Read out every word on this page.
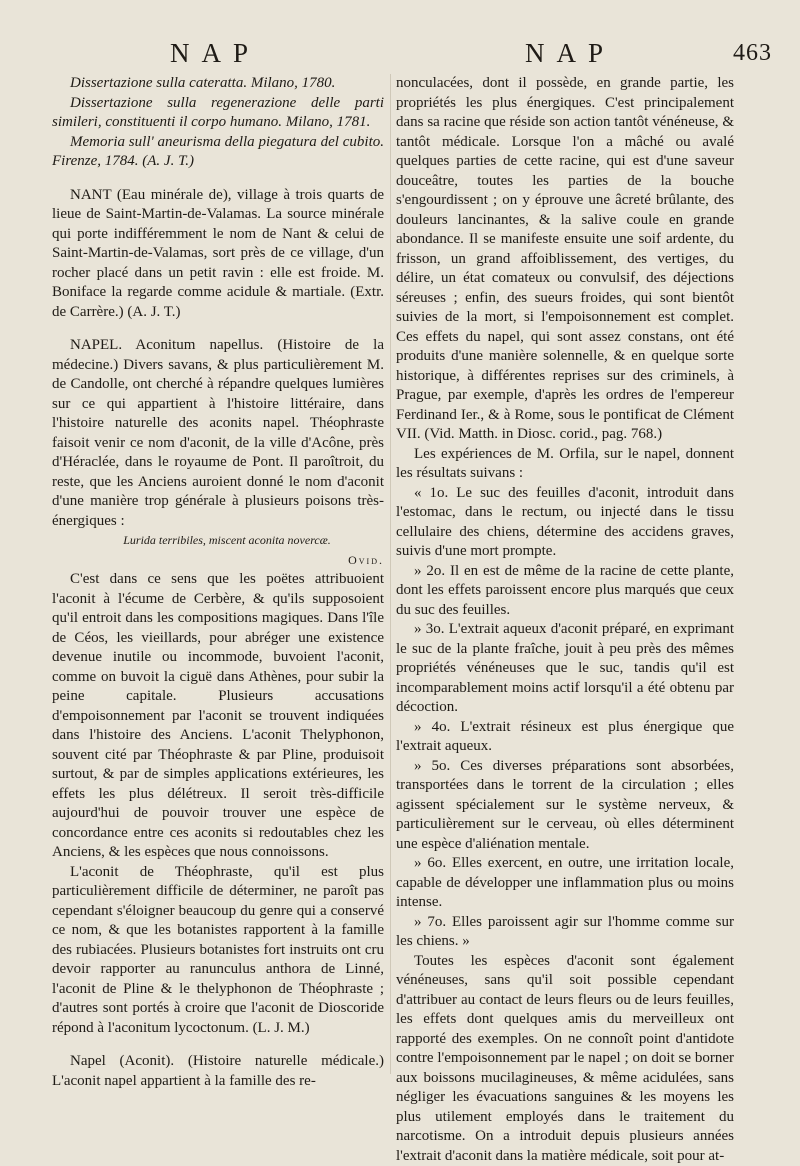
NAP	NAP	463

Dissertazione sulla cateratta. Milano, 1780.

Dissertazione sulla regenerazione delle parti simileri, constituenti il corpo humano. Milano, 1781.

Memoria sull' aneurisma della piegatura del cubito. Firenze, 1784. (A. J. T.)

NANT (Eau minérale de), village à trois quarts de lieue de Saint-Martin-de-Valamas. La source minérale qui porte indifféremment le nom de Nant & celui de Saint-Martin-de-Valamas, sort près de ce village, d'un rocher placé dans un petit ravin : elle est froide. M. Boniface la regarde comme acidule & martiale. (Extr. de Carrère.) (A. J. T.)

NAPEL. Aconitum napellus. (Histoire de la médecine.) Divers savans, & plus particulièrement M. de Candolle, ont cherché à répandre quelques lumières sur ce qui appartient à l'histoire littéraire, dans l'histoire naturelle des aconits napel. Théophraste faisoit venir ce nom d'aconit, de la ville d'Acône, près d'Héraclée, dans le royaume de Pont. Il paroîtroit, du reste, que les Anciens auroient donné le nom d'aconit d'une manière trop générale à plusieurs poisons très-énergiques :

Lurida terribiles, miscent aconita novercæ.

Ovid.

C'est dans ce sens que les poëtes attribuoient l'aconit à l'écume de Cerbère, & qu'ils supposoient qu'il entroit dans les compositions magiques. Dans l'île de Céos, les vieillards, pour abréger une existence devenue inutile ou incommode, buvoient l'aconit, comme on buvoit la ciguë dans Athènes, pour subir la peine capitale. Plusieurs accusations d'empoisonnement par l'aconit se trouvent indiquées dans l'histoire des Anciens. L'aconit Thelyphonon, souvent cité par Théophraste & par Pline, produisoit surtout, & par de simples applications extérieures, les effets les plus délétreux. Il seroit très-difficile aujourd'hui de pouvoir trouver une espèce de concordance entre ces aconits si redoutables chez les Anciens, & les espèces que nous connoissons.

L'aconit de Théophraste, qu'il est plus particulièrement difficile de déterminer, ne paroît pas cependant s'éloigner beaucoup du genre qui a conservé ce nom, & que les botanistes rapportent à la famille des rubiacées. Plusieurs botanistes fort instruits ont cru devoir rapporter au ranunculus anthora de Linné, l'aconit de Pline & le thelyphonon de Théophraste ; d'autres sont portés à croire que l'aconit de Dioscoride répond à l'aconitum lycoctonum. (L. J. M.)

Napel (Aconit). (Histoire naturelle médicale.) L'aconit napel appartient à la famille des re-

nonculacées, dont il possède, en grande partie, les propriétés les plus énergiques. C'est principalement dans sa racine que réside son action tantôt vénéneuse, & tantôt médicale. Lorsque l'on a mâché ou avalé quelques parties de cette racine, qui est d'une saveur douceâtre, toutes les parties de la bouche s'engourdissent ; on y éprouve une âcreté brûlante, des douleurs lancinantes, & la salive coule en grande abondance. Il se manifeste ensuite une soif ardente, du frisson, un grand affoiblissement, des vertiges, du délire, un état comateux ou convulsif, des déjections séreuses ; enfin, des sueurs froides, qui sont bientôt suivies de la mort, si l'empoisonnement est complet. Ces effets du napel, qui sont assez constans, ont été produits d'une manière solennelle, & en quelque sorte historique, à différentes reprises sur des criminels, à Prague, par exemple, d'après les ordres de l'empereur Ferdinand Ier., & à Rome, sous le pontificat de Clément VII. (Vid. Matth. in Diosc. corid., pag. 768.)

Les expériences de M. Orfila, sur le napel, donnent les résultats suivans :

« 1o. Le suc des feuilles d'aconit, introduit dans l'estomac, dans le rectum, ou injecté dans le tissu cellulaire des chiens, détermine des accidens graves, suivis d'une mort prompte.

» 2o. Il en est de même de la racine de cette plante, dont les effets paroissent encore plus marqués que ceux du suc des feuilles.

» 3o. L'extrait aqueux d'aconit préparé, en exprimant le suc de la plante fraîche, jouit à peu près des mêmes propriétés vénéneuses que le suc, tandis qu'il est incomparablement moins actif lorsqu'il a été obtenu par décoction.

» 4o. L'extrait résineux est plus énergique que l'extrait aqueux.

» 5o. Ces diverses préparations sont absorbées, transportées dans le torrent de la circulation ; elles agissent spécialement sur le système nerveux, & particulièrement sur le cerveau, où elles déterminent une espèce d'aliénation mentale.

» 6o. Elles exercent, en outre, une irritation locale, capable de développer une inflammation plus ou moins intense.

» 7o. Elles paroissent agir sur l'homme comme sur les chiens. »

Toutes les espèces d'aconit sont également vénéneuses, sans qu'il soit possible cependant d'attribuer au contact de leurs fleurs ou de leurs feuilles, les effets dont quelques amis du merveilleux ont rapporté des exemples. On ne connoît point d'antidote contre l'empoisonnement par le napel ; on doit se borner aux boissons mucilagineuses, & même acidulées, sans négliger les évacuations sanguines & les moyens les plus utilement employés dans le traitement du narcotisme. On a introduit depuis plusieurs années l'extrait d'aconit dans la matière médicale, soit pour at-
